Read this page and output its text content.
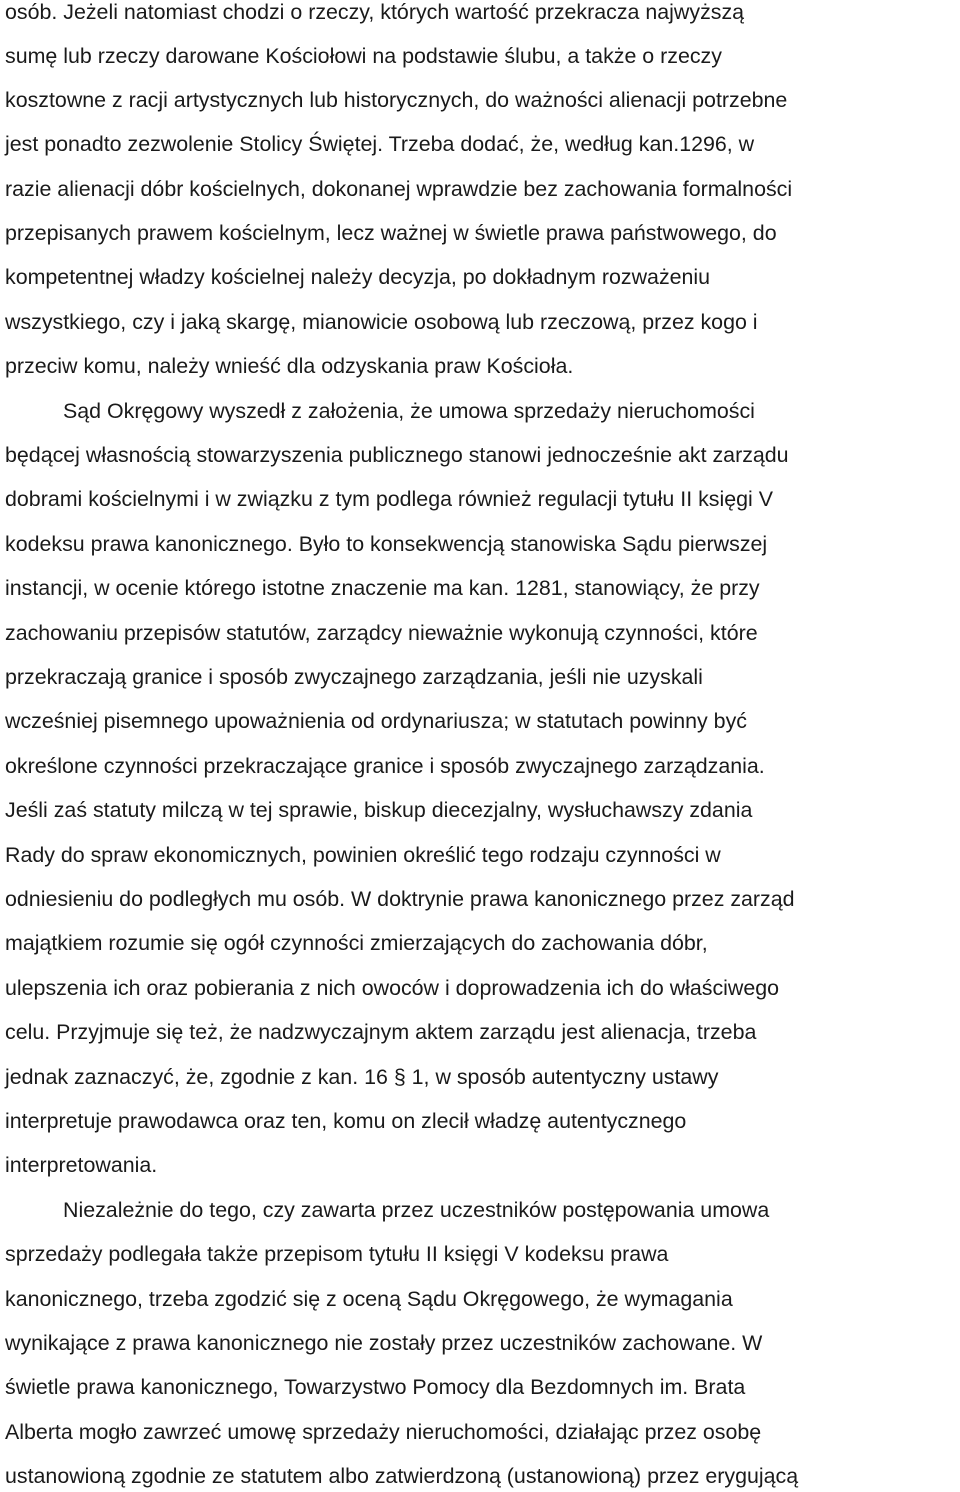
osób. Jeżeli natomiast chodzi o rzeczy, których wartość przekracza najwyższą
sumę lub rzeczy darowane Kościołowi na podstawie ślubu, a także o rzeczy
kosztowne z racji artystycznych lub historycznych, do ważności alienacji potrzebne
jest ponadto zezwolenie Stolicy Świętej. Trzeba dodać, że, według kan.1296, w
razie alienacji dóbr kościelnych, dokonanej wprawdzie bez zachowania formalności
przepisanych prawem kościelnym, lecz ważnej w świetle prawa państwowego, do
kompetentnej władzy kościelnej należy decyzja, po dokładnym rozważeniu
wszystkiego, czy i jaką skargę, mianowicie osobową lub rzeczową, przez kogo i
przeciw komu, należy wnieść dla odzyskania praw Kościoła.
Sąd Okręgowy wyszedł z założenia, że umowa sprzedaży nieruchomości
będącej własnością stowarzyszenia publicznego stanowi jednocześnie akt zarządu
dobrami kościelnymi i w związku z tym podlega również regulacji tytułu II księgi V
kodeksu prawa kanonicznego. Było to konsekwencją stanowiska Sądu pierwszej
instancji, w ocenie którego istotne znaczenie ma kan. 1281, stanowiący, że przy
zachowaniu przepisów statutów, zarządcy nieważnie wykonują czynności, które
przekraczają granice i sposób zwyczajnego zarządzania, jeśli nie uzyskali
wcześniej pisemnego upoważnienia od ordynariusza; w statutach powinny być
określone czynności przekraczające granice i sposób zwyczajnego zarządzania.
Jeśli zaś statuty milczą w tej sprawie, biskup diecezjalny, wysłuchawszy zdania
Rady do spraw ekonomicznych, powinien określić tego rodzaju czynności w
odniesieniu do podległych mu osób. W doktrynie prawa kanonicznego przez zarząd
majątkiem rozumie się ogół czynności zmierzających do zachowania dóbr,
ulepszenia ich oraz pobierania z nich owoców i doprowadzenia ich do właściwego
celu. Przyjmuje się też, że nadzwyczajnym aktem zarządu jest alienacja, trzeba
jednak zaznaczyć, że, zgodnie z kan. 16 § 1, w sposób autentyczny ustawy
interpretuje prawodawca oraz ten, komu on zlecił władzę autentycznego
interpretowania.
Niezależnie do tego, czy zawarta przez uczestników postępowania umowa
sprzedaży podlegała także przepisom tytułu II księgi V kodeksu prawa
kanonicznego, trzeba zgodzić się z oceną Sądu Okręgowego, że wymagania
wynikające z prawa kanonicznego nie zostały przez uczestników zachowane. W
świetle prawa kanonicznego, Towarzystwo Pomocy dla Bezdomnych im. Brata
Alberta mogło zawrzeć umowę sprzedaży nieruchomości, działając przez osobę
ustanowioną zgodnie ze statutem albo zatwierdzoną (ustanowioną) przez erygującą
